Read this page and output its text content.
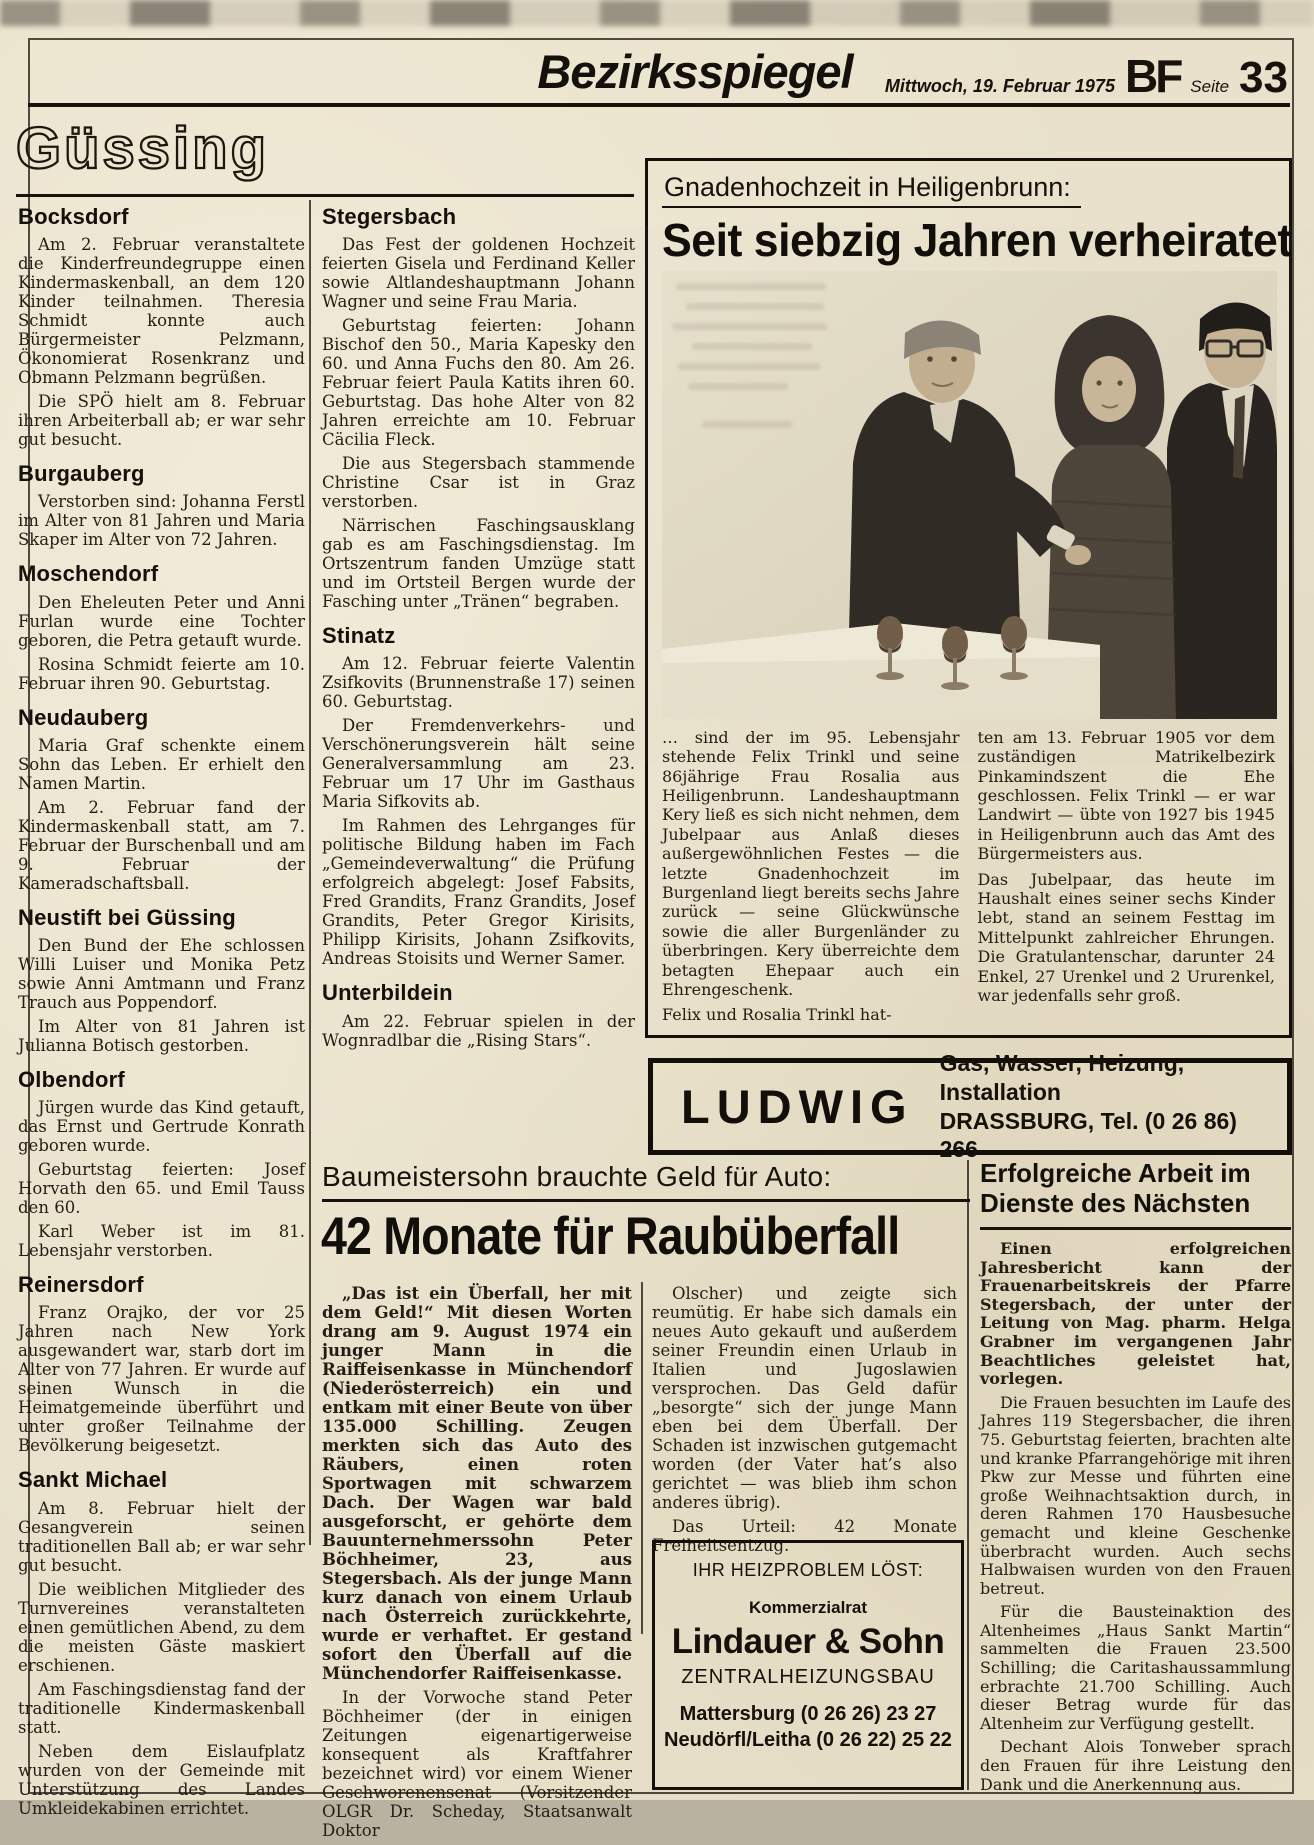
Bezirksspiegel	Mittwoch, 19. Februar 1975 BF Seite 33
Güssing
Bocksdorf

Am 2. Februar veranstaltete die Kinderfreundegruppe einen Kindermaskenball, an dem 120 Kinder teilnahmen. Theresia Schmidt konnte auch Bürgermeister Pelzmann, Ökonomierat Rosenkranz und Obmann Pelzmann begrüßen.

Die SPÖ hielt am 8. Februar ihren Arbeiterball ab; er war sehr gut besucht.

Burgauberg

Verstorben sind: Johanna Ferstl im Alter von 81 Jahren und Maria Skaper im Alter von 72 Jahren.

Moschendorf

Den Eheleuten Peter und Anni Furlan wurde eine Tochter geboren, die Petra getauft wurde.

Rosina Schmidt feierte am 10. Februar ihren 90. Geburtstag.

Neudauberg

Maria Graf schenkte einem Sohn das Leben. Er erhielt den Namen Martin.

Am 2. Februar fand der Kindermaskenball statt, am 7. Februar der Burschenball und am 9. Februar der Kameradschaftsball.

Neustift bei Güssing

Den Bund der Ehe schlossen Willi Luiser und Monika Petz sowie Anni Amtmann und Franz Trauch aus Poppendorf.

Im Alter von 81 Jahren ist Julianna Botisch gestorben.

Olbendorf

Jürgen wurde das Kind getauft, das Ernst und Gertrude Konrath geboren wurde.

Geburtstag feierten: Josef Horvath den 65. und Emil Tauss den 60.

Karl Weber ist im 81. Lebensjahr verstorben.

Reinersdorf

Franz Orajko, der vor 25 Jahren nach New York ausgewandert war, starb dort im Alter von 77 Jahren. Er wurde auf seinen Wunsch in die Heimatgemeinde überführt und unter großer Teilnahme der Bevölkerung beigesetzt.

Sankt Michael

Am 8. Februar hielt der Gesangverein seinen traditionellen Ball ab; er war sehr gut besucht.

Die weiblichen Mitglieder des Turnvereines veranstalteten einen gemütlichen Abend, zu dem die meisten Gäste maskiert erschienen.

Am Faschingsdienstag fand der traditionelle Kindermaskenball statt.

Neben dem Eislaufplatz wurden von der Gemeinde mit Unterstützung des Landes Umkleidekabinen errichtet.

Stegersbach

Das Fest der goldenen Hochzeit feierten Gisela und Ferdinand Keller sowie Altlandeshauptmann Johann Wagner und seine Frau Maria.

Geburtstag feierten: Johann Bischof den 50., Maria Kapesky den 60. und Anna Fuchs den 80. Am 26. Februar feiert Paula Katits ihren 60. Geburtstag. Das hohe Alter von 82 Jahren erreichte am 10. Februar Cäcilia Fleck.

Die aus Stegersbach stammende Christine Csar ist in Graz verstorben.

Närrischen Faschingsausklang gab es am Faschingsdienstag. Im Ortszentrum fanden Umzüge statt und im Ortsteil Bergen wurde der Fasching unter „Tränen“ begraben.

Stinatz

Am 12. Februar feierte Valentin Zsifkovits (Brunnenstraße 17) seinen 60. Geburtstag.

Der Fremdenverkehrs- und Verschönerungsverein hält seine Generalversammlung am 23. Februar um 17 Uhr im Gasthaus Maria Sifkovits ab.

Im Rahmen des Lehrganges für politische Bildung haben im Fach „Gemeindeverwaltung“ die Prüfung erfolgreich abgelegt: Josef Fabsits, Fred Grandits, Franz Grandits, Josef Grandits, Peter Gregor Kirisits, Philipp Kirisits, Johann Zsifkovits, Andreas Stoisits und Werner Samer.

Unterbildein

Am 22. Februar spielen in der Wognradlbar die „Rising Stars“.

Gnadenhochzeit in Heiligenbrunn:
Seit siebzig Jahren verheiratet

… sind der im 95. Lebensjahr stehende Felix Trinkl und seine 86jährige Frau Rosalia aus Heiligenbrunn. Landeshauptmann Kery ließ es sich nicht nehmen, dem Jubelpaar aus Anlaß dieses außergewöhnlichen Festes — die letzte Gnadenhochzeit im Burgenland liegt bereits sechs Jahre zurück — seine Glückwünsche sowie die aller Burgenländer zu überbringen. Kery überreichte dem betagten Ehepaar auch ein Ehrengeschenk.

Felix und Rosalia Trinkl hat-

ten am 13. Februar 1905 vor dem zuständigen Matrikelbezirk Pinkamindszent die Ehe geschlossen. Felix Trinkl — er war Landwirt — übte von 1927 bis 1945 in Heiligenbrunn auch das Amt des Bürgermeisters aus.

Das Jubelpaar, das heute im Haushalt eines seiner sechs Kinder lebt, stand an seinem Festtag im Mittelpunkt zahlreicher Ehrungen. Die Gratulantenschar, darunter 24 Enkel, 27 Urenkel und 2 Ururenkel, war jedenfalls sehr groß.

LUDWIG
Gas, Wasser, Heizung, Installation
DRASSBURG, Tel. (0 26 86) 266
Baumeistersohn brauchte Geld für Auto:
42 Monate für Raubüberfall

„Das ist ein Überfall, her mit dem Geld!“ Mit diesen Worten drang am 9. August 1974 ein junger Mann in die Raiffeisenkasse in Münchendorf (Niederösterreich) ein und entkam mit einer Beute von über 135.000 Schilling. Zeugen merkten sich das Auto des Räubers, einen roten Sportwagen mit schwarzem Dach. Der Wagen war bald ausgeforscht, er gehörte dem Bauunternehmerssohn Peter Böchheimer, 23, aus Stegersbach. Als der junge Mann kurz danach von einem Urlaub nach Österreich zurückkehrte, wurde er verhaftet. Er gestand sofort den Überfall auf die Münchendorfer Raiffeisenkasse.

In der Vorwoche stand Peter Böchheimer (der in einigen Zeitungen eigenartigerweise konsequent als Kraftfahrer bezeichnet wird) vor einem Wiener Geschworenensenat (Vorsitzender OLGR Dr. Scheday, Staatsanwalt Doktor

Olscher) und zeigte sich reumütig. Er habe sich damals ein neues Auto gekauft und außerdem seiner Freundin einen Urlaub in Italien und Jugoslawien versprochen. Das Geld dafür „besorgte“ sich der junge Mann eben bei dem Überfall. Der Schaden ist inzwischen gutgemacht worden (der Vater hat’s also gerichtet — was blieb ihm schon anderes übrig).

Das Urteil: 42 Monate Freiheitsentzug.

IHR HEIZPROBLEM LÖST:
Kommerzialrat
Lindauer & Sohn
ZENTRALHEIZUNGSBAU
Mattersburg (0 26 26) 23 27
Neudörfl/Leitha (0 26 22) 25 22
Erfolgreiche Arbeit im
Dienste des Nächsten

Einen erfolgreichen Jahresbericht kann der Frauenarbeitskreis der Pfarre Stegersbach, der unter der Leitung von Mag. pharm. Helga Grabner im vergangenen Jahr Beachtliches geleistet hat, vorlegen.

Die Frauen besuchten im Laufe des Jahres 119 Stegersbacher, die ihren 75. Geburtstag feierten, brachten alte und kranke Pfarrangehörige mit ihren Pkw zur Messe und führten eine große Weihnachtsaktion durch, in deren Rahmen 170 Hausbesuche gemacht und kleine Geschenke überbracht wurden. Auch sechs Halbwaisen wurden von den Frauen betreut.

Für die Bausteinaktion des Altenheimes „Haus Sankt Martin“ sammelten die Frauen 23.500 Schilling; die Caritashaussammlung erbrachte 21.700 Schilling. Auch dieser Betrag wurde für das Altenheim zur Verfügung gestellt.

Dechant Alois Tonweber sprach den Frauen für ihre Leistung den Dank und die Anerkennung aus.
